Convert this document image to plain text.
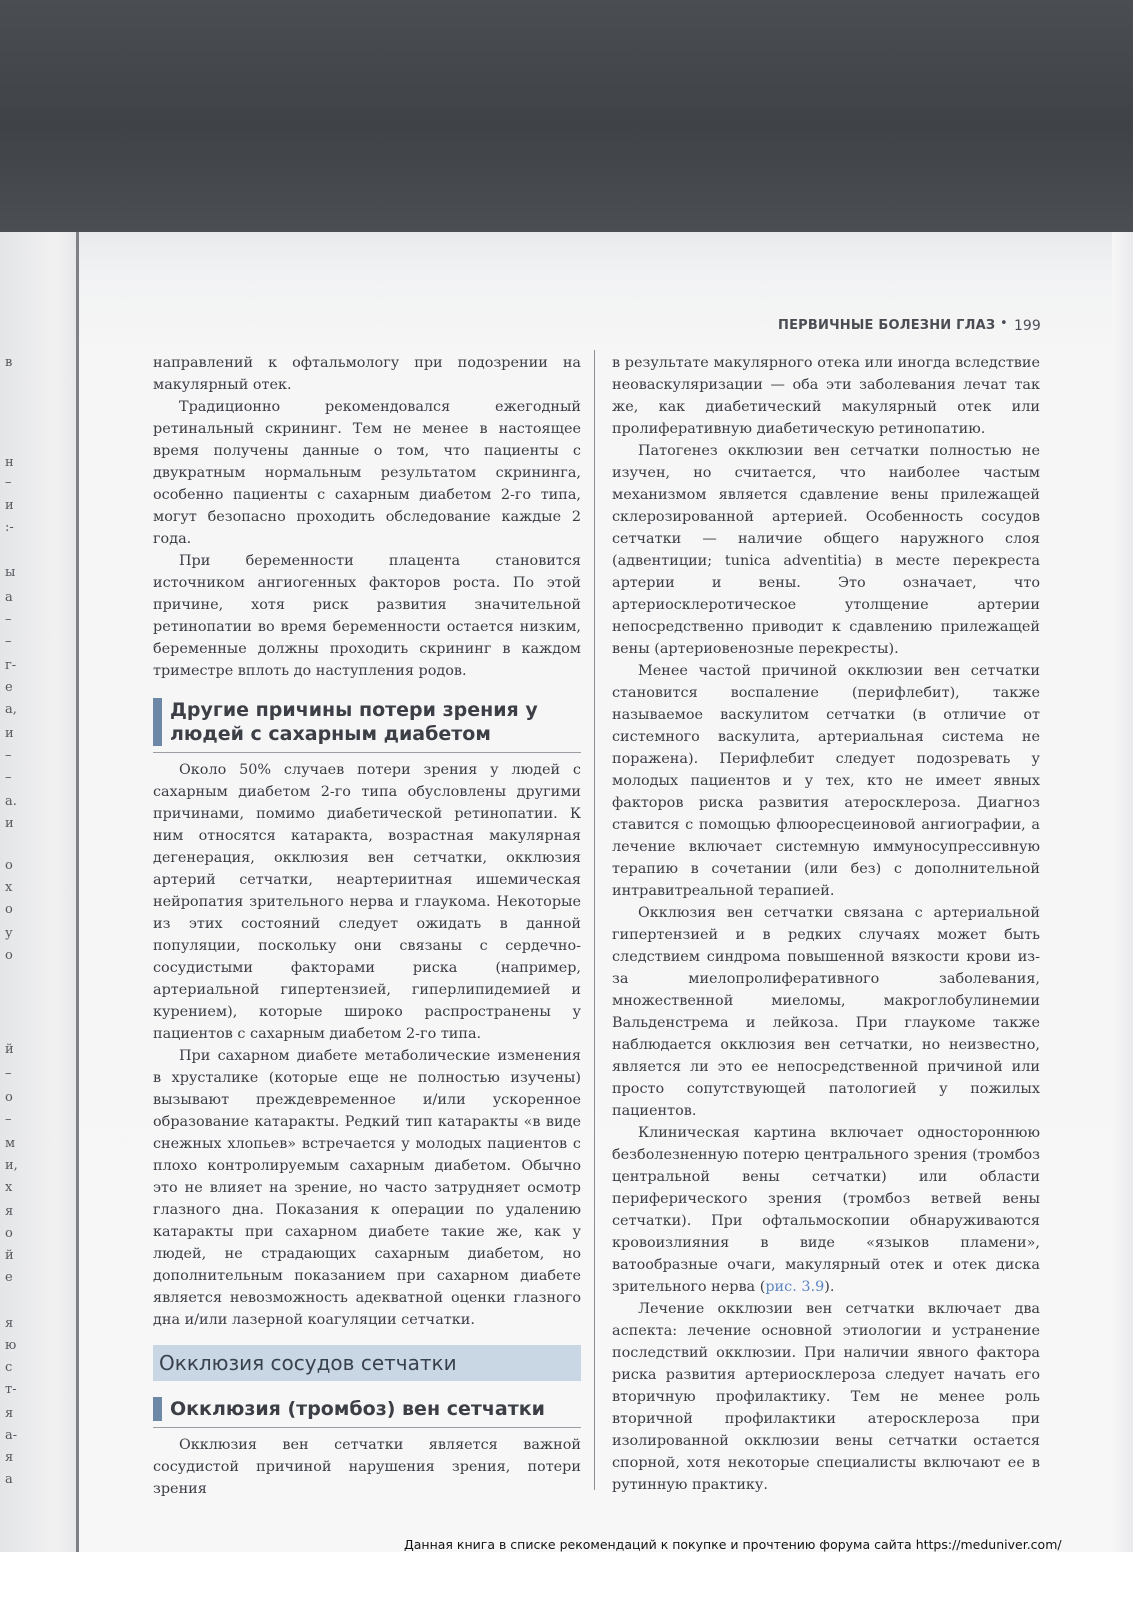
в
н
–
и
:-
ы
а
–
–
г-
е
а,
и
–
–
а.
и
о
х
о
у
о
й
–
о
–
м
и,
х
я
о
й
е
я
ю
с
т-
я
а-
я
а
ПЕРВИЧНЫЕ БОЛЕЗНИ ГЛАЗ • 199

направлений к офтальмологу при подозрении на макулярный отек.

Традиционно рекомендовался ежегодный ретинальный скрининг. Тем не менее в настоящее время получены данные о том, что пациенты с двукратным нормальным результатом скрининга, особенно пациенты с сахарным диабетом 2-го типа, могут безопасно проходить обследование каждые 2 года.

При беременности плацента становится источником ангиогенных факторов роста. По этой причине, хотя риск развития значительной ретинопатии во время беременности остается низким, беременные должны проходить скрининг в каждом триместре вплоть до наступления родов.

Другие причины потери зрения у людей с сахарным диабетом

Около 50% случаев потери зрения у людей с сахарным диабетом 2-го типа обусловлены другими причинами, помимо диабетической ретинопатии. К ним относятся катаракта, возрастная макулярная дегенерация, окклюзия вен сетчатки, окклюзия артерий сетчатки, неартериитная ишемическая нейропатия зрительного нерва и глаукома. Некоторые из этих состояний следует ожидать в данной популяции, поскольку они связаны с сердечно-сосудистыми факторами риска (например, артериальной гипертензией, гиперлипидемией и курением), которые широко распространены у пациентов с сахарным диабетом 2-го типа.

При сахарном диабете метаболические изменения в хрусталике (которые еще не полностью изучены) вызывают преждевременное и/или ускоренное образование катаракты. Редкий тип катаракты «в виде снежных хлопьев» встречается у молодых пациентов с плохо контролируемым сахарным диабетом. Обычно это не влияет на зрение, но часто затрудняет осмотр глазного дна. Показания к операции по удалению катаракты при сахарном диабете такие же, как у людей, не страдающих сахарным диабетом, но дополнительным показанием при сахарном диабете является невозможность адекватной оценки глазного дна и/или лазерной коагуляции сетчатки.

Окклюзия сосудов сетчатки
Окклюзия (тромбоз) вен сетчатки

Окклюзия вен сетчатки является важной сосудистой причиной нарушения зрения, потери зрения

в результате макулярного отека или иногда вследствие неоваскуляризации — оба эти заболевания лечат так же, как диабетический макулярный отек или пролиферативную диабетическую ретинопатию.

Патогенез окклюзии вен сетчатки полностью не изучен, но считается, что наиболее частым механизмом является сдавление вены прилежащей склерозированной артерией. Особенность сосудов сетчатки — наличие общего наружного слоя (адвентиции; tunica adventitia) в месте перекреста артерии и вены. Это означает, что артериосклеротическое утолщение артерии непосредственно приводит к сдавлению прилежащей вены (артериовенозные перекресты).

Менее частой причиной окклюзии вен сетчатки становится воспаление (перифлебит), также называемое васкулитом сетчатки (в отличие от системного васкулита, артериальная система не поражена). Перифлебит следует подозревать у молодых пациентов и у тех, кто не имеет явных факторов риска развития атеросклероза. Диагноз ставится с помощью флюоресцеиновой ангиографии, а лечение включает системную иммуносупрессивную терапию в сочетании (или без) с дополнительной интравитреальной терапией.

Окклюзия вен сетчатки связана с артериальной гипертензией и в редких случаях может быть следствием синдрома повышенной вязкости крови из-за миелопролиферативного заболевания, множественной миеломы, макроглобулинемии Вальденстрема и лейкоза. При глаукоме также наблюдается окклюзия вен сетчатки, но неизвестно, является ли это ее непосредственной причиной или просто сопутствующей патологией у пожилых пациентов.

Клиническая картина включает одностороннюю безболезненную потерю центрального зрения (тромбоз центральной вены сетчатки) или области периферического зрения (тромбоз ветвей вены сетчатки). При офтальмоскопии обнаруживаются кровоизлияния в виде «языков пламени», ватообразные очаги, макулярный отек и отек диска зрительного нерва (рис. 3.9).

Лечение окклюзии вен сетчатки включает два аспекта: лечение основной этиологии и устранение последствий окклюзии. При наличии явного фактора риска развития артериосклероза следует начать его вторичную профилактику. Тем не менее роль вторичной профилактики атеросклероза при изолированной окклюзии вены сетчатки остается спорной, хотя некоторые специалисты включают ее в рутинную практику.

Данная книга в списке рекомендаций к покупке и прочтению форума сайта https://meduniver.com/
